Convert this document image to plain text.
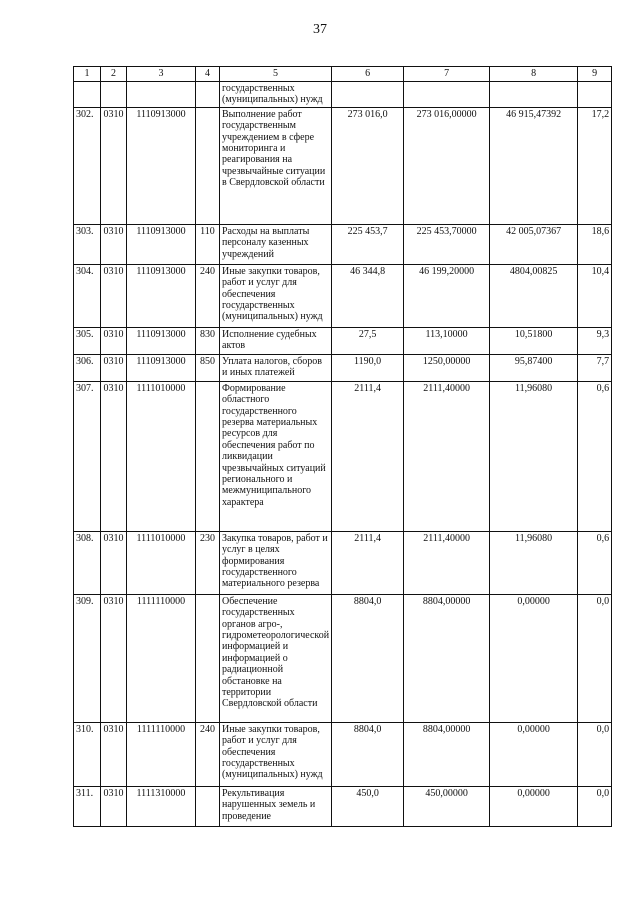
37
1	2	3	4	5	6	7	8	9
				государственных (муниципальных) нужд				
302.	0310	1110913000		Выполнение работ государственным учреждением в сфере мониторинга и реагирования на чрезвычайные ситуации в Свердловской области	273 016,0	273 016,00000	46 915,47392	17,2
303.	0310	1110913000	110	Расходы на выплаты персоналу казенных учреждений	225 453,7	225 453,70000	42 005,07367	18,6
304.	0310	1110913000	240	Иные закупки товаров, работ и услуг для обеспечения государственных (муниципальных) нужд	46 344,8	46 199,20000	4804,00825	10,4
305.	0310	1110913000	830	Исполнение судебных актов	27,5	113,10000	10,51800	9,3
306.	0310	1110913000	850	Уплата налогов, сборов и иных платежей	1190,0	1250,00000	95,87400	7,7
307.	0310	1111010000		Формирование областного государственного резерва материальных ресурсов для обеспечения работ по ликвидации чрезвычайных ситуаций регионального и межмуниципального характера	2111,4	2111,40000	11,96080	0,6
308.	0310	1111010000	230	Закупка товаров, работ и услуг в целях формирования государственного материального резерва	2111,4	2111,40000	11,96080	0,6
309.	0310	1111110000		Обеспечение государственных органов агро-, гидрометеорологической информацией и информацией о радиационной обстановке на территории Свердловской области	8804,0	8804,00000	0,00000	0,0
310.	0310	1111110000	240	Иные закупки товаров, работ и услуг для обеспечения государственных (муниципальных) нужд	8804,0	8804,00000	0,00000	0,0
311.	0310	1111310000		Рекультивация нарушенных земель и проведение	450,0	450,00000	0,00000	0,0
